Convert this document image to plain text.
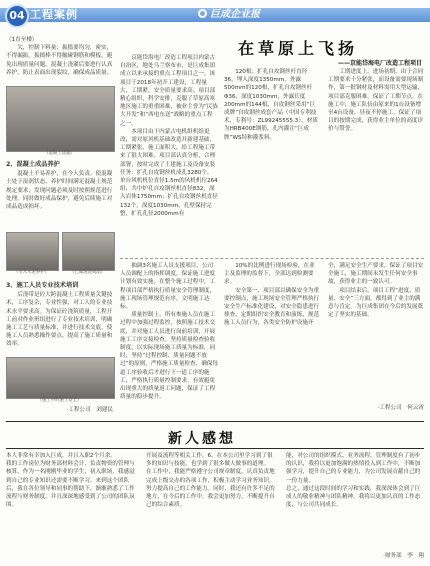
04 工程案例	巨成企业报

（1直至楼）

欠，控制下料量；振捣要均匀，密实，不得漏振。振捣棒不得触碰钢筋和模板，避免出现质量问题。混凝土浇灌后要进行认真养护，防止表面出现裂纹，确保成品质量。

（混凝土浇灌）

2、混凝土成品养护

混凝土不易养护，在今人负责。使混凝土处于湿润状态，养护时间满足混凝土规范规定要求，发现问题必须及时按照规范进行处理。同时做好成品保护，避免后续施工对成品造成损坏。

（引入水泥养护）	（已做现浇成品）

3、施工人员专业技术培训

后浇带是砼大跨混凝土工程质量关键技术，工序复杂，专业性强，对工人的专业技术水平要求高。为保证砼浇筑质量，工程开工前对作业班组进行了专业技术培训，明确施工工艺与质量标准，并进行技术交底，使施工人员熟悉操作要点，提高了施工质量和效率。

（施工中的施工安全）
·工程公司　刘建民
在草原上飞扬
——京能岱海电厂改造工程项目

京能岱海电厂改造工程项目内蒙古自治区，地处乌兰察布市，是巨成集团成立以来承接的重点工程项目之一。该项目于2018年初开工建设，工程量大，工期紧，安全质量要求高。项目部精心组织，科学安排，克服了草原高寒地区施工的重重困难，被业主誉为“民族大开发”和“西电东送”战略的重点工程之一。

本项目由于内蒙古电机组机组更改，需对原风机基础改造并新建基础，工期紧张，施工面积大，给工程施工带来了很大困难。项目部认真分析，合理部署，按时完成了土建施工及设备安装任务：扩孔自攻钢丝机成孔3280个，单台风机机位直径1.5m的风机机位264组，共中炉孔自攻钢丝机直径832，深入岩体1750mm；扩孔自攻钢丝机直径132个，深度1030mm，孔壁保持完整，扩孔孔径2000mm有

120根；扩孔自攻钢丝杆直径36，埋入深度1350mm，外露500mm的120根，扩孔自攻钢丝杆Φ36，深度1030mm，外露长度200mm的144根，自攻钢丝采用“巨成牌”自攻钢丝成套产品（中国专利技术，专利号：ZL99245555.3），材质为HRB400E钢筋，孔内灌注“巨成牌”WS特种灌浆料。

工期进度上，进场初期，由于合同工期要求十分紧张，而设备需要现场制作，第一批钢材及材料需用大型运输，项目部克服困难，保证了工期节点。在施工中，施工队伍由原来的1台设备增至4台设备，昼夜不停施工，保证了项目的按期完成，获得业主单位的高度评价与赞誉。

抽调3名施工人员支援项目，公司人员调配上的指挥调度，保证施工进度计划有效实施。在整个施工过程中，工程项目部严格执行质量安全管理制度，施工现场管理规范有序，文明施工达标。

质量控制上，所有参施人员在施工过程中加强过程监控，按照施工技术交底，并对施工人员进行岗前培训，开展施工工序交接检查。坚持质量检查验收制度，以实际现场施工质量为标准，同时，坚持“过程控制、质量问题不放过”的原则，严格施工质量检查，确保每道工序验收后才进行下一道工序的施工，严格执行质量控制要求，有效避免出现重大的质量返工问题，保证了工程质量的稳步提升。

10%的比例进行现场检验，在业主及监理的监督下，全部达到检测要求。

安全第一、项目部以确保安全为重要控制点，施工现场安全管理严格执行安全生产标准化建设，对安全隐患进行排查，定期组织安全教育和演练，规范施工人员行为，各类安全防护设施齐全，满足安全生产要求，保证了项目安全施工，施工期间未发生任何安全事故，获得业主的一致认可。

项目结束后，项目工程“进度、质量、安全”三方面，都得到了业主的满意与肯定。为巨成集团在今后的发展奠定了坚实的基础。

·工程公司　何云霄
新人感想
本人非常有幸加入巨成，并且入职2个月余。
我的工作岗位为财务部材料会计，负责物资的管理与核算，作为一名刚刚毕业的学生，初入职场，我感觉到自己的专业知识还需要不断学习。来到这个团队后，我在各位领导和同事的帮助下，渐渐熟悉了工作流程与财务制度，并且深深地感受到了公司的团队氛围。
开展及流程等相关工作。6、在本公司里学习到了很多的知识与技能，也学到了很多做人做事的道理。
在工作中，我能严格遵守公司规章制度，认真负责地完成上级交办的各项工作，积极主动学习业务知识，努力提高自己的工作能力。同时，我还有许多不足的地方，在今后的工作中，我会更加努力，不断提升自己的综合素质。
能，对公司的组织模式、业务流程、管理制度有了初步的认识，我将以更加饱满的热情投入到工作中，不断加强学习，提升自己的专业能力，为公司发展贡献自己的一份力量。
总之，通过这段时间的学习和实践，我深深体会到了巨成人的敬业精神与团队精神，我将以更加认真的工作态度，与公司共同成长。
·财务部　李　翔
